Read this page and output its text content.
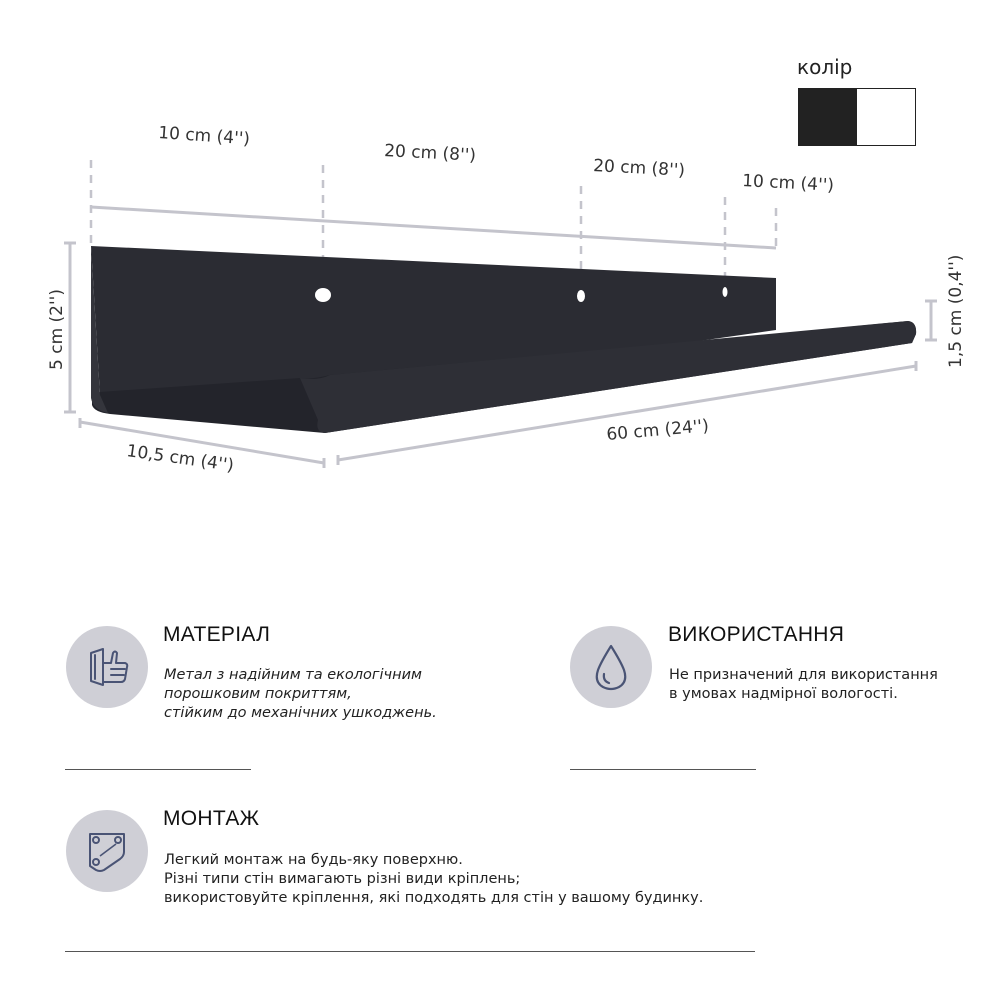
10 cm (4'')
20 cm (8'')
20 cm (8'')
10 cm (4'')
5 cm (2'')	1,5 cm (0,4'')
10,5 cm (4'')
60 cm (24'')
колір
МАТЕРІАЛ
Метал з надійним та екологічним
порошковим покриттям,
стійким до механічних ушкоджень.
ВИКОРИСТАННЯ
Не призначений для використання
в умовах надмірної вологості.
МОНТАЖ
Легкий монтаж на будь-яку поверхню.
Різні типи стін вимагають різні види кріплень;
використовуйте кріплення, які подходять для стін у вашому будинку.
